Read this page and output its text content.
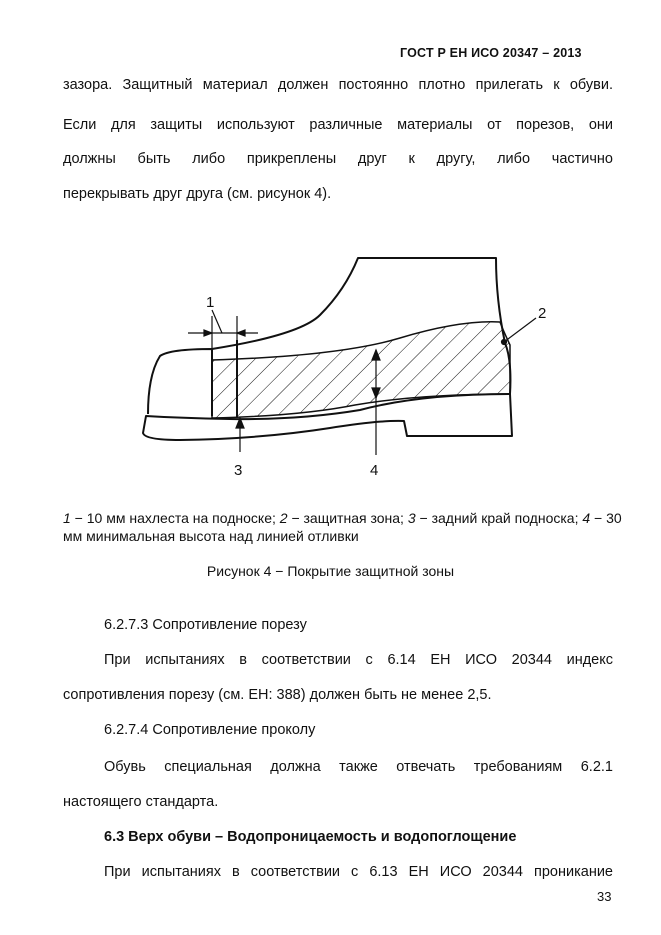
ГОСТ Р ЕН ИСО 20347 – 2013
зазора. Защитный материал должен постоянно плотно прилегать к обуви.
Если для защиты используют различные материалы от порезов, они
должны быть либо прикреплены друг к другу, либо частично
перекрывать друг друга (см. рисунок 4).
1
2
3	4
1 − 10 мм нахлеста на подноске; 2 − защитная зона; 3 − задний край подноска; 4 − 30 мм минимальная высота над линией отливки
Рисунок 4 − Покрытие защитной зоны
6.2.7.3 Сопротивление порезу
При испытаниях в соответствии с 6.14 ЕН ИСО 20344 индекс
сопротивления порезу (см. ЕН: 388) должен быть не менее 2,5.
6.2.7.4 Сопротивление проколу
Обувь специальная должна также отвечать требованиям 6.2.1
настоящего стандарта.
6.3 Верх обуви – Водопроницаемость и водопоглощение
При испытаниях в соответствии с 6.13 ЕН ИСО 20344 проникание
33
